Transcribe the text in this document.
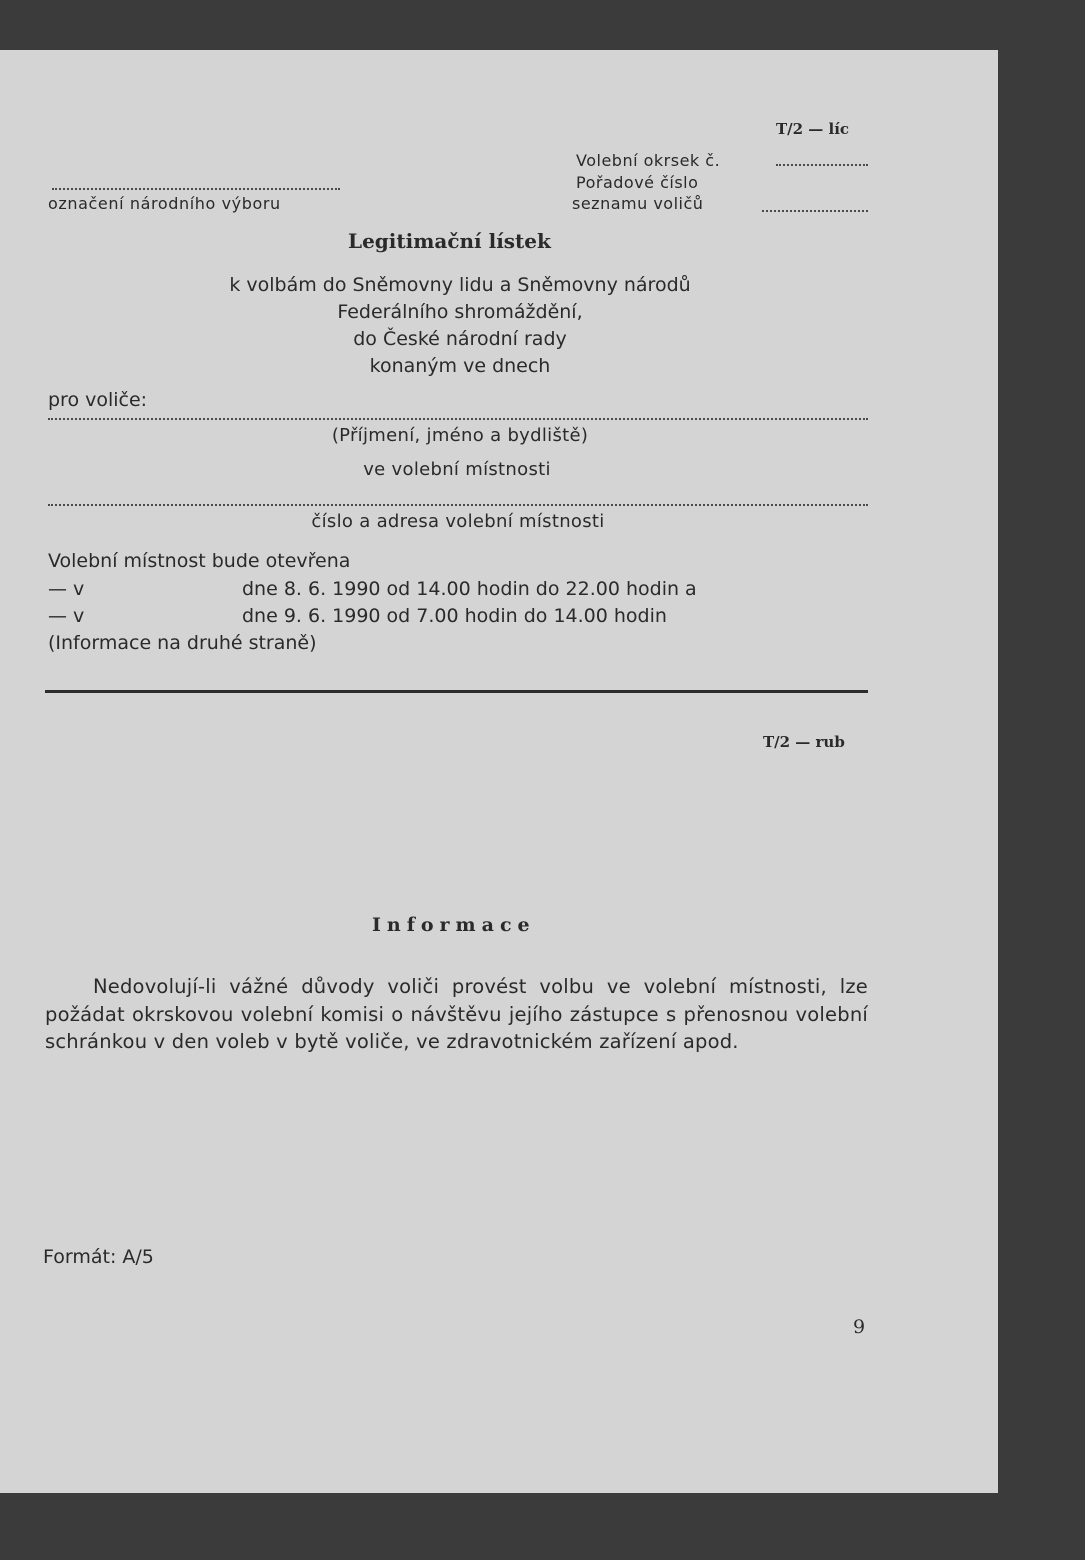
T/2 — líc
Volební okrsek č.
Pořadové číslo
seznamu voličů
označení národního výboru
Legitimační lístek
k volbám do Sněmovny lidu a Sněmovny národů
Federálního shromáždění,
do České národní rady
konaným ve dnech
pro voliče:
(Příjmení, jméno a bydliště)
ve volební místnosti
číslo a adresa volební místnosti
Volební místnost bude otevřena
— v	dne 8. 6. 1990 od 14.00 hodin do 22.00 hodin a
— v	dne 9. 6. 1990 od 7.00 hodin do 14.00 hodin
(Informace na druhé straně)
T/2 — rub
Informace
Nedovolují-li vážné důvody voliči provést volbu ve volební místnosti, lze požádat okrskovou volební komisi o návštěvu jejího zástupce s přenosnou volební schránkou v den voleb v bytě voliče, ve zdravotnickém zařízení apod.
Formát: A/5
9
